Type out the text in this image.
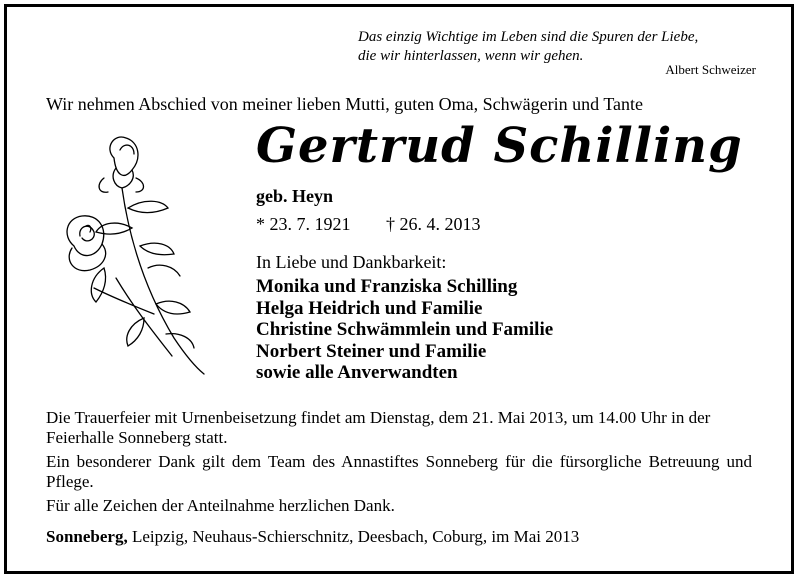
Das einzig Wichtige im Leben sind die Spuren der Liebe,
die wir hinterlassen, wenn wir gehen.
Albert Schweizer
Wir nehmen Abschied von meiner lieben Mutti, guten Oma, Schwägerin und Tante
Gertrud Schilling
geb. Heyn
* 23. 7. 1921 † 26. 4. 2013
In Liebe und Dankbarkeit:
Monika und Franziska Schilling
Helga Heidrich und Familie
Christine Schwämmlein und Familie
Norbert Steiner und Familie
sowie alle Anverwandten
Die Trauerfeier mit Urnenbeisetzung findet am Dienstag, dem 21. Mai 2013, um 14.00 Uhr in der Feierhalle Sonneberg statt.
Ein besonderer Dank gilt dem Team des Annastiftes Sonneberg für die fürsorgliche Betreuung und Pflege.
Für alle Zeichen der Anteilnahme herzlichen Dank.
Sonneberg, Leipzig, Neuhaus-Schierschnitz, Deesbach, Coburg, im Mai 2013
